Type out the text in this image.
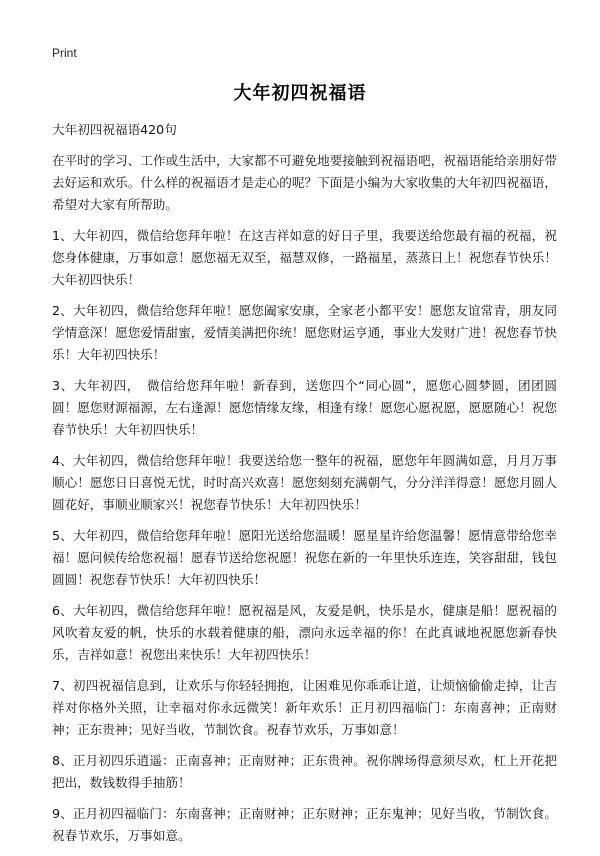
Print
大年初四祝福语
大年初四祝福语420句
在平时的学习、工作或生活中，大家都不可避免地要接触到祝福语吧，祝福语能给亲朋好带去好运和欢乐。什么样的祝福语才是走心的呢？下面是小编为大家收集的大年初四祝福语，希望对大家有所帮助。
1、大年初四，微信给您拜年啦！在这吉祥如意的好日子里，我要送给您最有福的祝福，祝您身体健康，万事如意！愿您福无双至，福慧双修，一路福星，蒸蒸日上！祝您春节快乐！大年初四快乐！
2、大年初四，微信给您拜年啦！愿您阖家安康，全家老小都平安！愿您友谊常青，朋友同学情意深！愿您爱情甜蜜，爱情美满把你统！愿您财运亨通，事业大发财广进！祝您春节快乐！大年初四快乐！
3、大年初四，　微信给您拜年啦！新春到，送您四个“同心圆”，愿您心圆梦圆，团团圆圆！愿您财源福源，左右逢源！愿您情缘友缘，相逢有缘！愿您心愿祝愿，愿愿随心！祝您春节快乐！大年初四快乐！
4、大年初四，微信给您拜年啦！我要送给您一整年的祝福，愿您年年圆满如意，月月万事顺心！愿您日日喜悦无忧，时时高兴欢喜！愿您刻刻充满朝气，分分洋洋得意！愿您月圆人圆花好，事顺业顺家兴！祝您春节快乐！大年初四快乐！
5、大年初四，微信给您拜年啦！愿阳光送给您温暖！愿星星许给您温馨！愿情意带给您幸福！愿问候传给您祝福！愿春节送给您祝愿！祝您在新的一年里快乐连连，笑容甜甜，钱包圆圆！祝您春节快乐！大年初四快乐！
6、大年初四，微信给您拜年啦！愿祝福是风，友爱是帆，快乐是水，健康是船！愿祝福的风吹着友爱的帆，快乐的水载着健康的船，漂向永远幸福的你！在此真诚地祝愿您新春快乐，吉祥如意！祝您出来快乐！大年初四快乐！
7、初四祝福信息到，让欢乐与你轻轻拥抱，让困难见你乖乖让道，让烦恼偷偷走掉，让吉祥对你格外关照，让幸福对你永远微笑！新年欢乐！正月初四福临门：东南喜神；正南财神；正东贵神；见好当收，节制饮食。祝春节欢乐，万事如意！
8、正月初四乐逍遥：正南喜神；正南财神；正东贵神。祝你牌场得意须尽欢，杠上开花把把出，数钱数得手抽筋！
9、正月初四福临门：东南喜神；正南财神；正东财神；正东鬼神；见好当收，节制饮食。祝春节欢乐，万事如意。
